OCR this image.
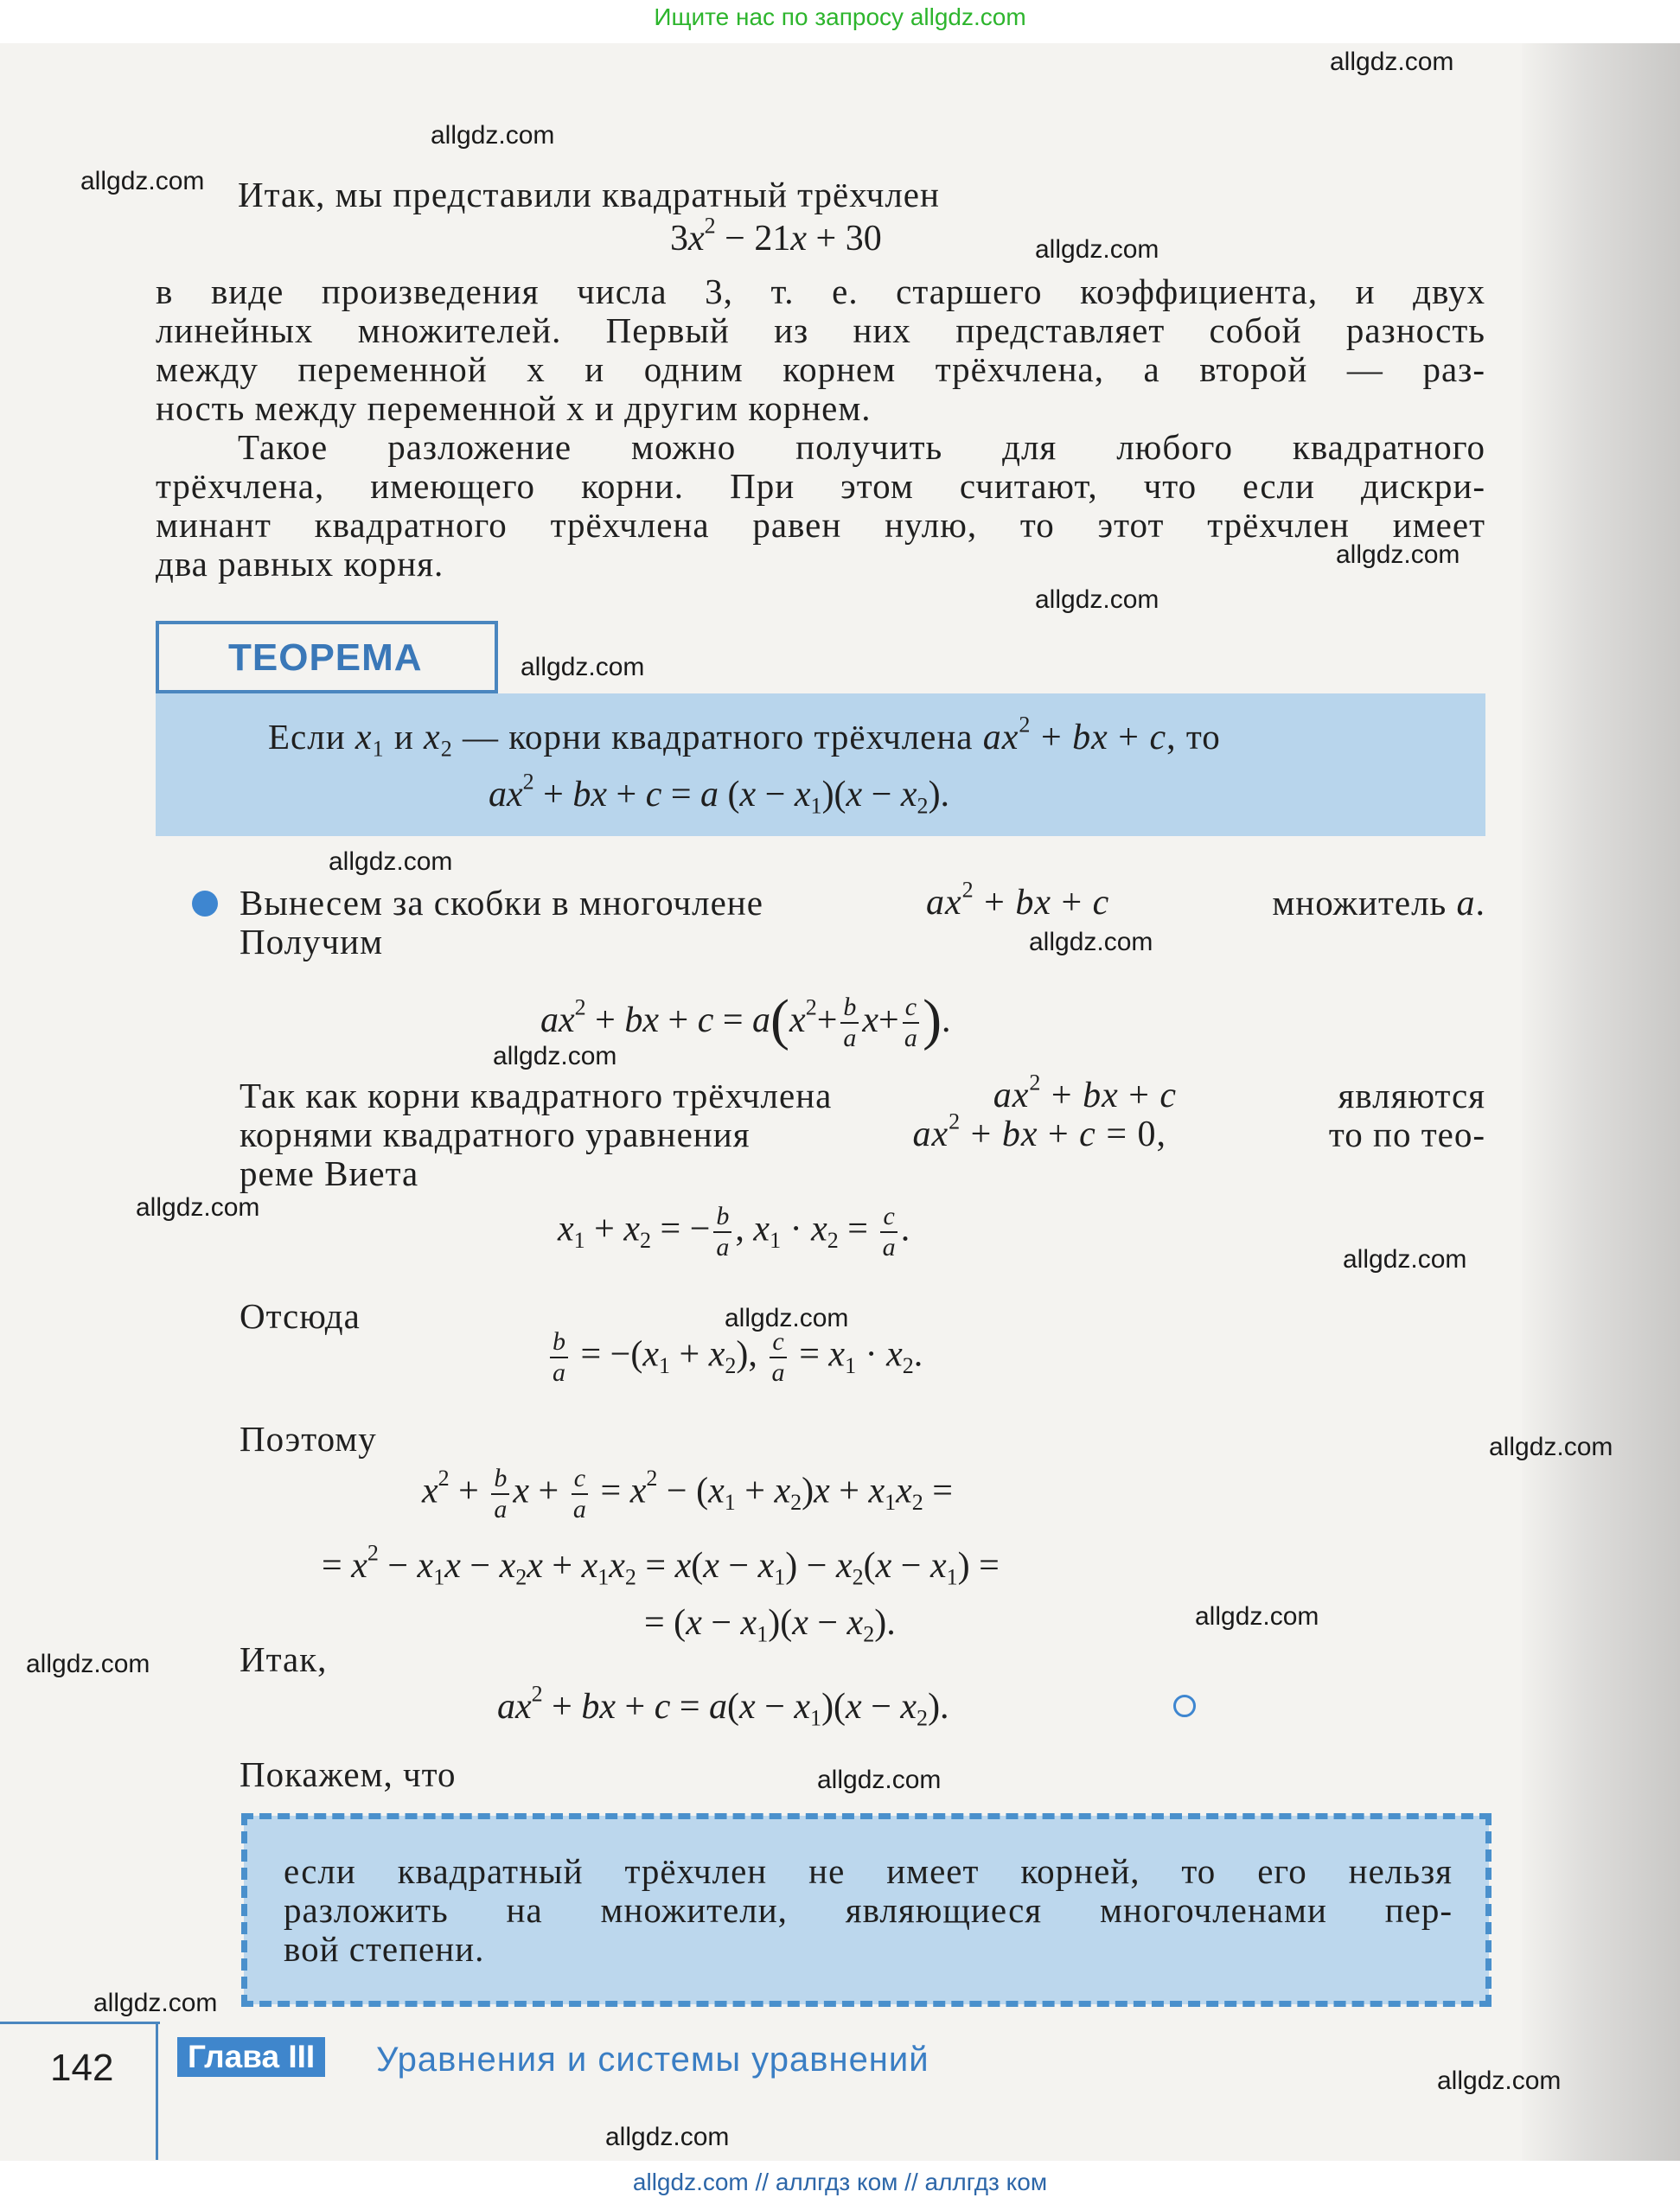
Ищите нас по запросу allgdz.com
Итак, мы представили квадратный трёхчлен
$3x^2 - 21x + 30$
в виде произведения числа 3, т. е. старшего коэффициента, и двух
линейных множителей. Первый из них представляет собой разность
между переменной x и одним корнем трёхчлена, а второй — раз-
ность между переменной x и другим корнем.
Такое разложение можно получить для любого квадратного
трёхчлена, имеющего корни. При этом считают, что если дискри-
минант квадратного трёхчлена равен нулю, то этот трёхчлен имеет
два равных корня.
ТЕОРЕМА
Если $x_1$ и $x_2$ — корни квадратного трёхчлена $ax^2$ + bx + c, то
$ax^2$ + bx + c = a $(x - x_1)(x - x_2)$.
Вынесем за скобки в многочлене	$ax^2$ + bx + c	множитель a.
Получим
$ax^2$ + bx + $c = a(x^2+ \frac{b}{a} x+ \frac{c}{a}$ ).
Так как корни квадратного трёхчлена	$ax^2$ + bx + c	являются
корнями квадратного уравнения	$ax^2$ + bx + c = 0,	то по тео-
реме Виета
$x_1 + x_2$ = − $\frac{b}{a}$ , $x_1 \cdot x_2 = \frac{c}{a}$ .
Отсюда
$\frac{b}{a} = -(x_1 + x_2)$, $\frac{c}{a} = x_1 \cdot x_2$.
Поэтому
$x^2 + \frac{b}{a}$ $x + \frac{c}{a} = x^2 - (x_1 + x_2)x + x_1x_2$ =
= $x^2 - x_1x - x_2x + x_1x_2 = x(x - x_1) - x_2(x - x_1)$ =
= $(x - x_1)(x - x_2)$.
Итак,
$ax^2$ + bx + $c = a(x - x_1)(x - x_2)$.
Покажем, что
если квадратный трёхчлен не имеет корней, то его нельзя
разложить на множители, являющиеся многочленами пер-
вой степени.
142	Глава III	Уравнения и системы уравнений
allgdz.com
allgdz.com
allgdz.com
allgdz.com
allgdz.com
allgdz.com
allgdz.com
allgdz.com
allgdz.com
allgdz.com
allgdz.com
allgdz.com
allgdz.com
allgdz.com
allgdz.com
allgdz.com
allgdz.com
allgdz.com
allgdz.com
allgdz.com
allgdz.com // аллгдз ком // аллгдз ком
